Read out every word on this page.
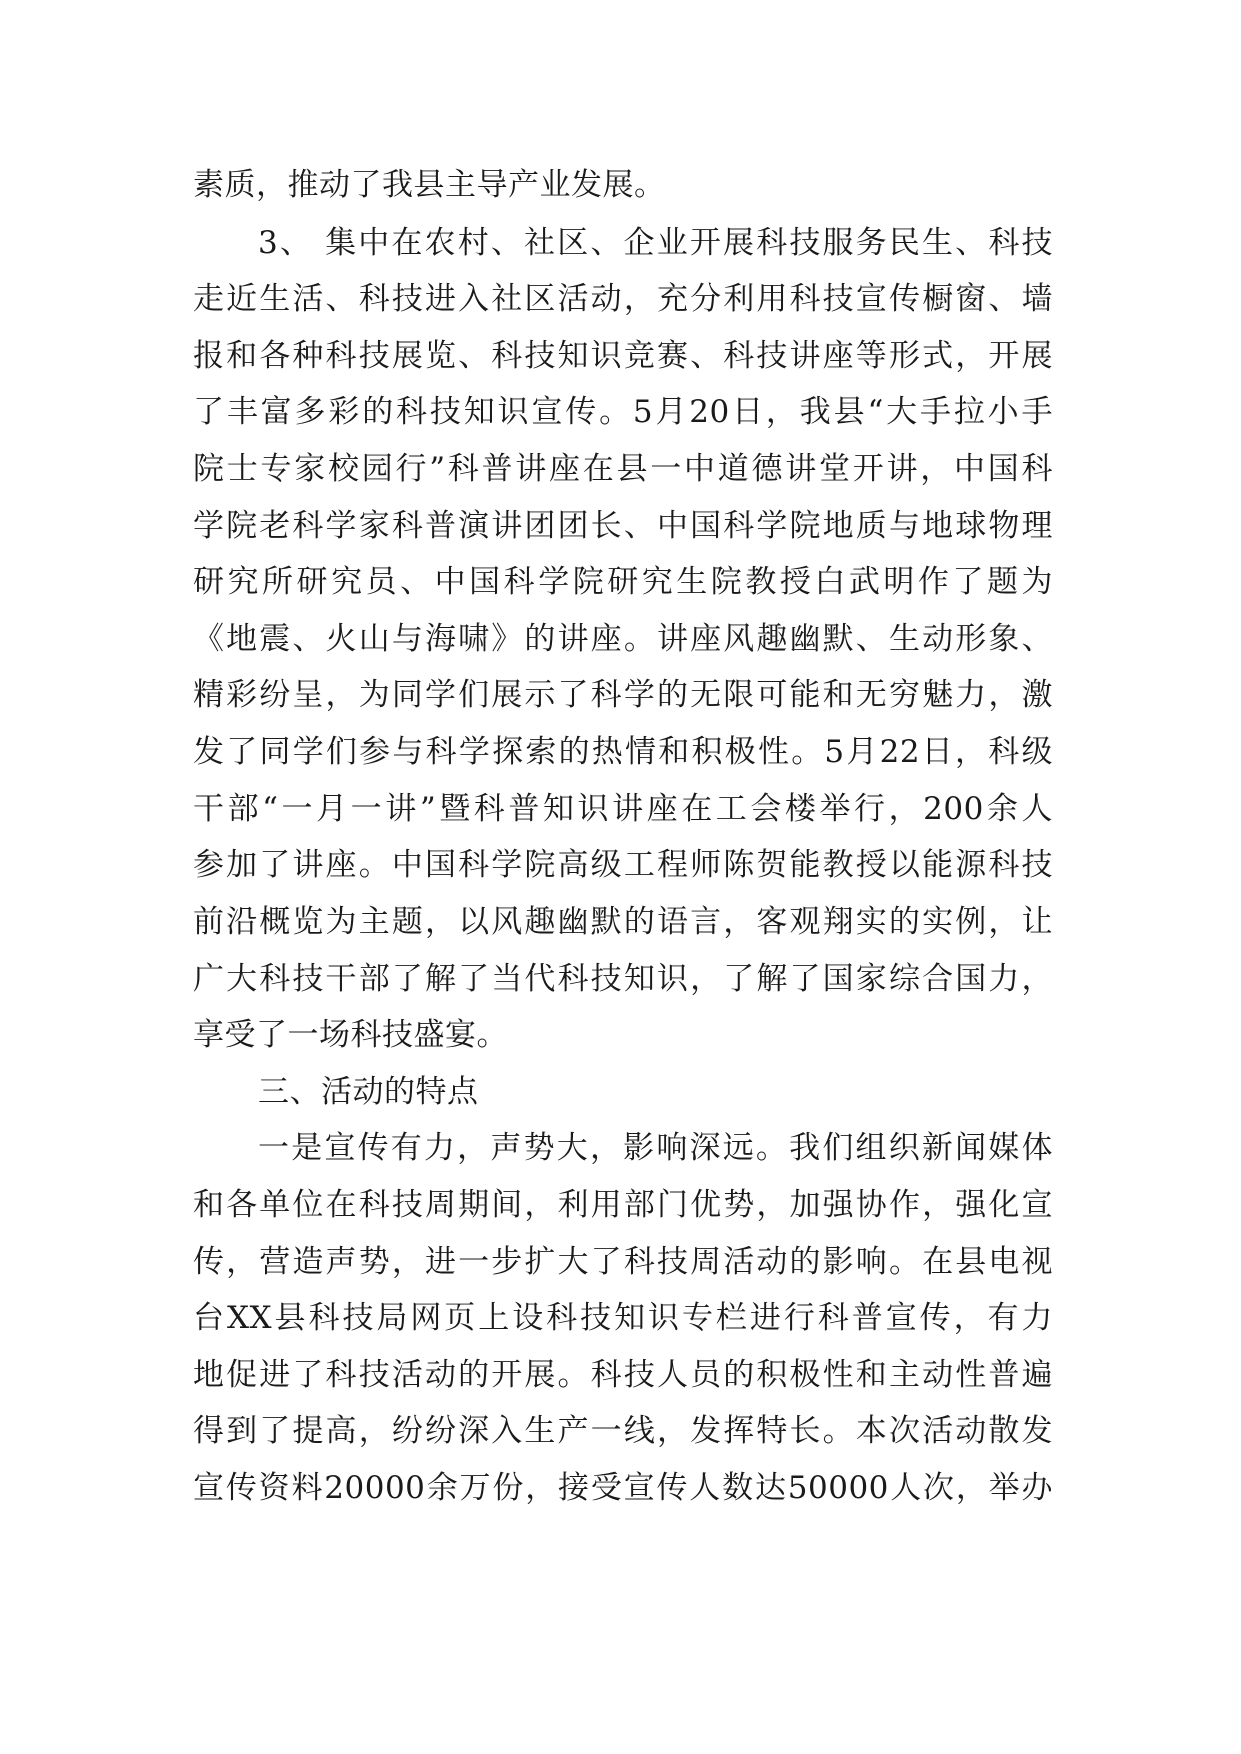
素质，推动了我县主导产业发展。
3、 集中在农村、社区、企业开展科技服务民生、科技
走近生活、科技进入社区活动，充分利用科技宣传橱窗、墙
报和各种科技展览、科技知识竞赛、科技讲座等形式，开展
了丰富多彩的科技知识宣传。5月20日，我县“大手拉小手
院士专家校园行”科普讲座在县一中道德讲堂开讲，中国科
学院老科学家科普演讲团团长、中国科学院地质与地球物理
研究所研究员、中国科学院研究生院教授白武明作了题为
《地震、火山与海啸》的讲座。讲座风趣幽默、生动形象、
精彩纷呈，为同学们展示了科学的无限可能和无穷魅力，激
发了同学们参与科学探索的热情和积极性。5月22日，科级
干部“一月一讲”暨科普知识讲座在工会楼举行，200余人
参加了讲座。中国科学院高级工程师陈贺能教授以能源科技
前沿概览为主题，以风趣幽默的语言，客观翔实的实例，让
广大科技干部了解了当代科技知识，了解了国家综合国力，
享受了一场科技盛宴。
三、活动的特点
一是宣传有力，声势大，影响深远。我们组织新闻媒体
和各单位在科技周期间，利用部门优势，加强协作，强化宣
传，营造声势，进一步扩大了科技周活动的影响。在县电视
台XX县科技局网页上设科技知识专栏进行科普宣传，有力
地促进了科技活动的开展。科技人员的积极性和主动性普遍
得到了提高，纷纷深入生产一线，发挥特长。本次活动散发
宣传资料20000余万份，接受宣传人数达50000人次，举办
